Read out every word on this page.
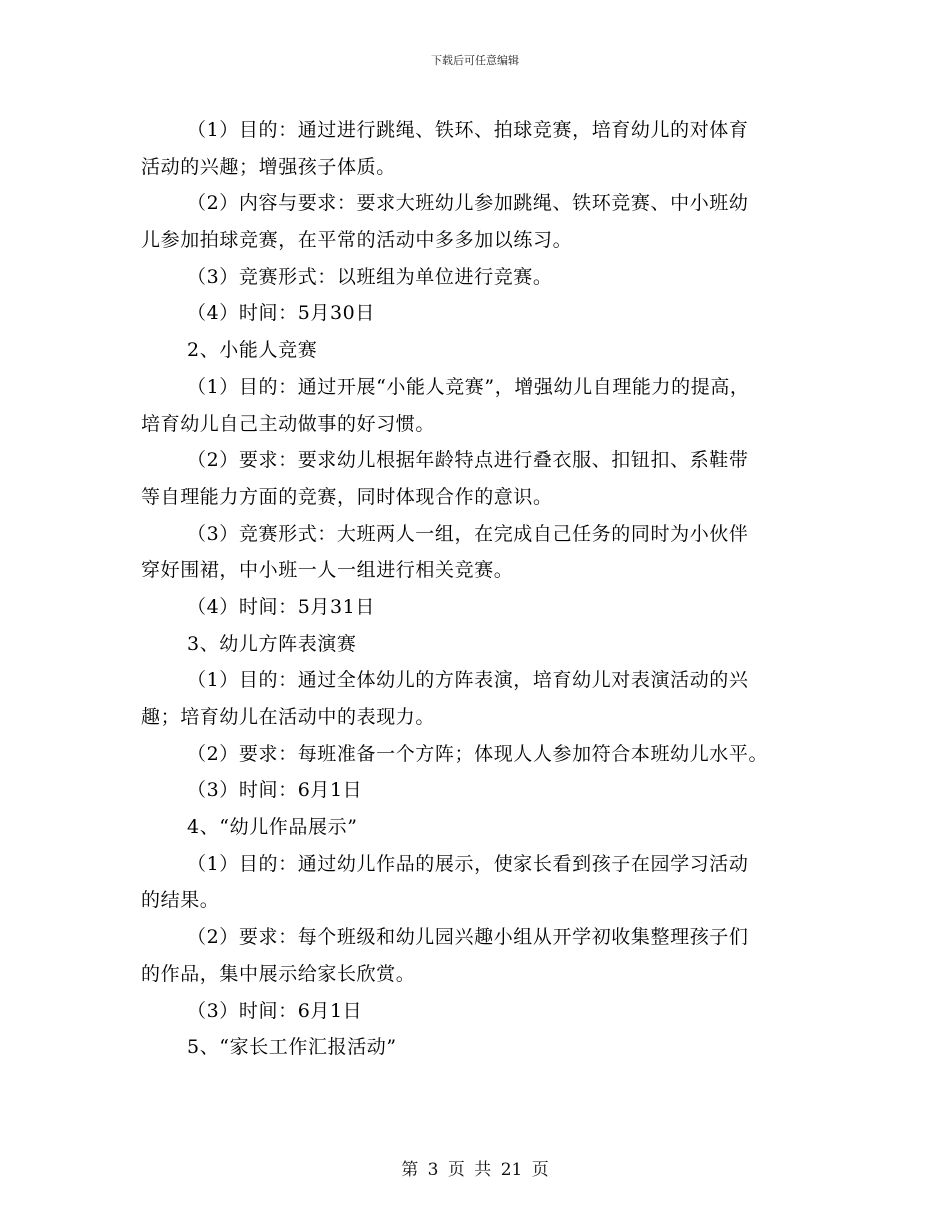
下载后可任意编辑
（1）目的：通过进行跳绳、铁环、拍球竞赛，培育幼儿的对体育
活动的兴趣；增强孩子体质。
（2）内容与要求：要求大班幼儿参加跳绳、铁环竞赛、中小班幼
儿参加拍球竞赛，在平常的活动中多多加以练习。
（3）竞赛形式：以班组为单位进行竞赛。
（4）时间：5月30日
2、小能人竞赛
（1）目的：通过开展“小能人竞赛”，增强幼儿自理能力的提高，
培育幼儿自己主动做事的好习惯。
（2）要求：要求幼儿根据年龄特点进行叠衣服、扣钮扣、系鞋带
等自理能力方面的竞赛，同时体现合作的意识。
（3）竞赛形式：大班两人一组，在完成自己任务的同时为小伙伴
穿好围裙，中小班一人一组进行相关竞赛。
（4）时间：5月31日
3、幼儿方阵表演赛
（1）目的：通过全体幼儿的方阵表演，培育幼儿对表演活动的兴
趣；培育幼儿在活动中的表现力。
（2）要求：每班准备一个方阵；体现人人参加符合本班幼儿水平。
（3）时间：6月1日
4、“幼儿作品展示”
（1）目的：通过幼儿作品的展示，使家长看到孩子在园学习活动
的结果。
（2）要求：每个班级和幼儿园兴趣小组从开学初收集整理孩子们
的作品，集中展示给家长欣赏。
（3）时间：6月1日
5、“家长工作汇报活动”
第 3 页 共 21 页
